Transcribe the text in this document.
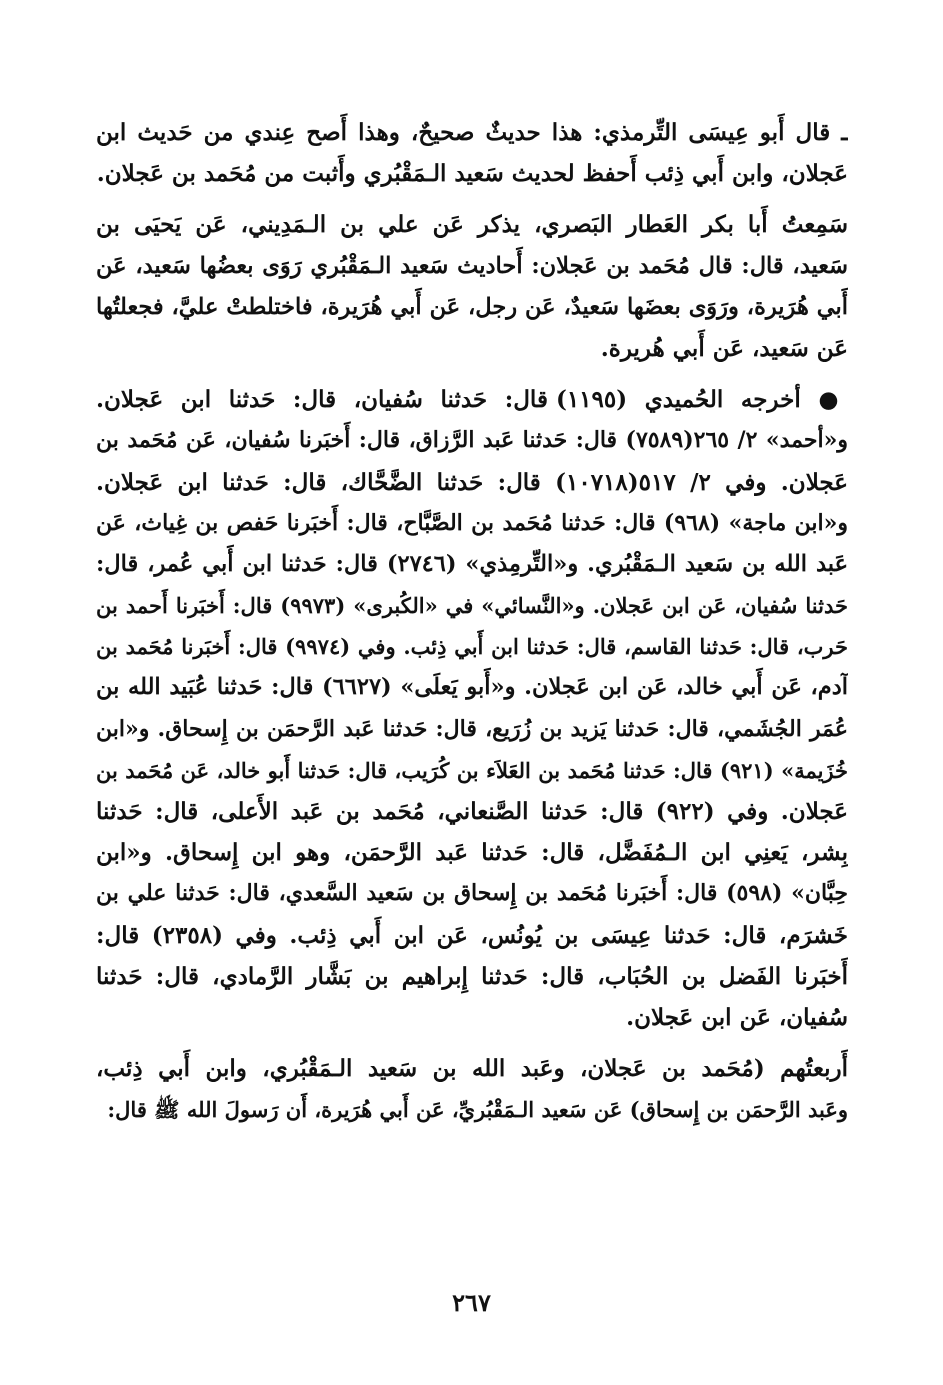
ـ قال أَبو عِيسَى التِّرمذي: هذا حديثٌ صحيحٌ، وهذا أَصح عِندي من حَديث ابن
عَجلان، وابن أَبي ذِئب أَحفظ لحديث سَعيد الـمَقْبُري وأَثبت من مُحَمد بن عَجلان.
سَمِعتُ أَبا بكر العَطار البَصري، يذكر عَن علي بن الـمَدِيني، عَن يَحيَى بن
سَعيد، قال: قال مُحَمد بن عَجلان: أَحاديث سَعيد الـمَقْبُري رَوَى بعضُها سَعيد، عَن
أَبي هُرَيرة، ورَوَى بعضَها سَعيدٌ، عَن رجل، عَن أَبي هُرَيرة، فاختلطتْ عليَّ، فجعلتُها
عَن سَعيد، عَن أَبي هُريرة.
● أخرجه الحُميدي (١١٩٥) قال: حَدثنا سُفيان، قال: حَدثنا ابن عَجلان.
و«أحمد» ٢/ ٢٦٥(٧٥٨٩) قال: حَدثنا عَبد الرَّزاق، قال: أَخبَرنا سُفيان، عَن مُحَمد بن
عَجلان. وفي ٢/ ٥١٧(١٠٧١٨) قال: حَدثنا الضَّحَّاك، قال: حَدثنا ابن عَجلان.
و«ابن ماجة» (٩٦٨) قال: حَدثنا مُحَمد بن الصَّبَّاح، قال: أَخبَرنا حَفص بن غِياث، عَن
عَبد الله بن سَعيد الـمَقْبُري. و«التِّرمِذي» (٢٧٤٦) قال: حَدثنا ابن أَبي عُمر، قال:
حَدثنا سُفيان، عَن ابن عَجلان. و«النَّسائي» في «الكُبرى» (٩٩٧٣) قال: أَخبَرنا أَحمد بن
حَرب، قال: حَدثنا القاسم، قال: حَدثنا ابن أَبي ذِئب. وفي (٩٩٧٤) قال: أَخبَرنا مُحَمد بن
آدم، عَن أَبي خالد، عَن ابن عَجلان. و«أَبو يَعلَى» (٦٦٢٧) قال: حَدثنا عُبَيد الله بن
عُمَر الجُشَمي، قال: حَدثنا يَزيد بن زُرَيع، قال: حَدثنا عَبد الرَّحمَن بن إِسحاق. و«ابن
خُزَيمة» (٩٢١) قال: حَدثنا مُحَمد بن العَلاَء بن كُرَيب، قال: حَدثنا أَبو خالد، عَن مُحَمد بن
عَجلان. وفي (٩٢٢) قال: حَدثنا الصَّنعاني، مُحَمد بن عَبد الأَعلى، قال: حَدثنا
بِشر، يَعنِي ابن الـمُفَضَّل، قال: حَدثنا عَبد الرَّحمَن، وهو ابن إِسحاق. و«ابن
حِبَّان» (٥٩٨) قال: أَخبَرنا مُحَمد بن إِسحاق بن سَعيد السَّعدي، قال: حَدثنا علي بن
خَشرَم، قال: حَدثنا عِيسَى بن يُونُس، عَن ابن أَبي ذِئب. وفي (٢٣٥٨) قال:
أَخبَرنا الفَضل بن الحُبَاب، قال: حَدثنا إِبراهيم بن بَشَّار الرَّمادي، قال: حَدثنا
سُفيان، عَن ابن عَجلان.
أَربعتُهم (مُحَمد بن عَجلان، وعَبد الله بن سَعيد الـمَقْبُري، وابن أَبي ذِئب،
وعَبد الرَّحمَن بن إِسحاق) عَن سَعيد الـمَقْبُريِّ، عَن أَبي هُرَيرة، أَن رَسولَ الله ﷺ قال:
٢٦٧
